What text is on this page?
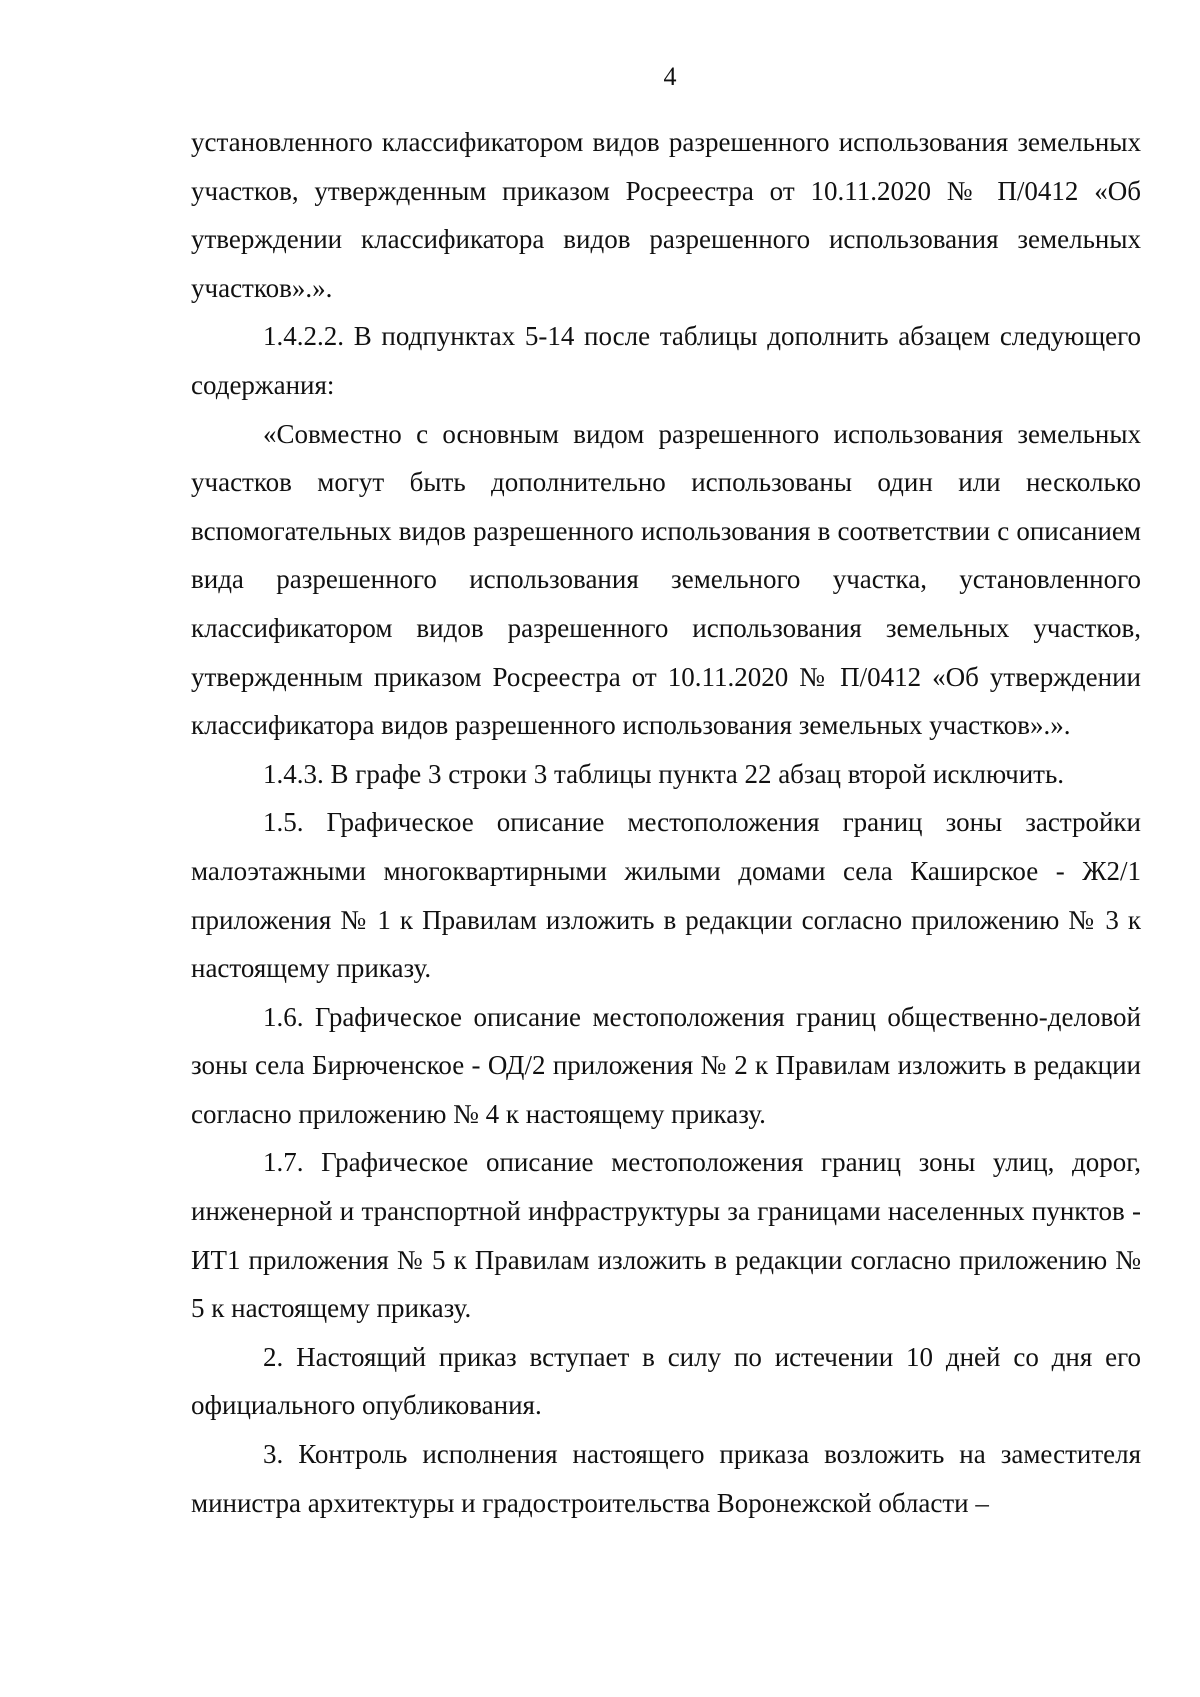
4

установленного классификатором видов разрешенного использования земельных участков, утвержденным приказом Росреестра от 10.11.2020 № П/0412 «Об утверждении классификатора видов разрешенного использования земельных участков».».

1.4.2.2. В подпунктах 5-14 после таблицы дополнить абзацем следующего содержания:

«Совместно с основным видом разрешенного использования земельных участков могут быть дополнительно использованы один или несколько вспомогательных видов разрешенного использования в соответствии с описанием вида разрешенного использования земельного участка, установленного классификатором видов разрешенного использования земельных участков, утвержденным приказом Росреестра от 10.11.2020 № П/0412 «Об утверждении классификатора видов разрешенного использования земельных участков».».

1.4.3. В графе 3 строки 3 таблицы пункта 22 абзац второй исключить.

1.5. Графическое описание местоположения границ зоны застройки малоэтажными многоквартирными жилыми домами села Каширское - Ж2/1 приложения № 1 к Правилам изложить в редакции согласно приложению № 3 к настоящему приказу.

1.6. Графическое описание местоположения границ общественно-деловой зоны села Бирюченское - ОД/2 приложения № 2 к Правилам изложить в редакции согласно приложению № 4 к настоящему приказу.

1.7. Графическое описание местоположения границ зоны улиц, дорог, инженерной и транспортной инфраструктуры за границами населенных пунктов - ИТ1 приложения № 5 к Правилам изложить в редакции согласно приложению № 5 к настоящему приказу.

2. Настоящий приказ вступает в силу по истечении 10 дней со дня его официального опубликования.

3. Контроль исполнения настоящего приказа возложить на заместителя министра архитектуры и градостроительства Воронежской области –
